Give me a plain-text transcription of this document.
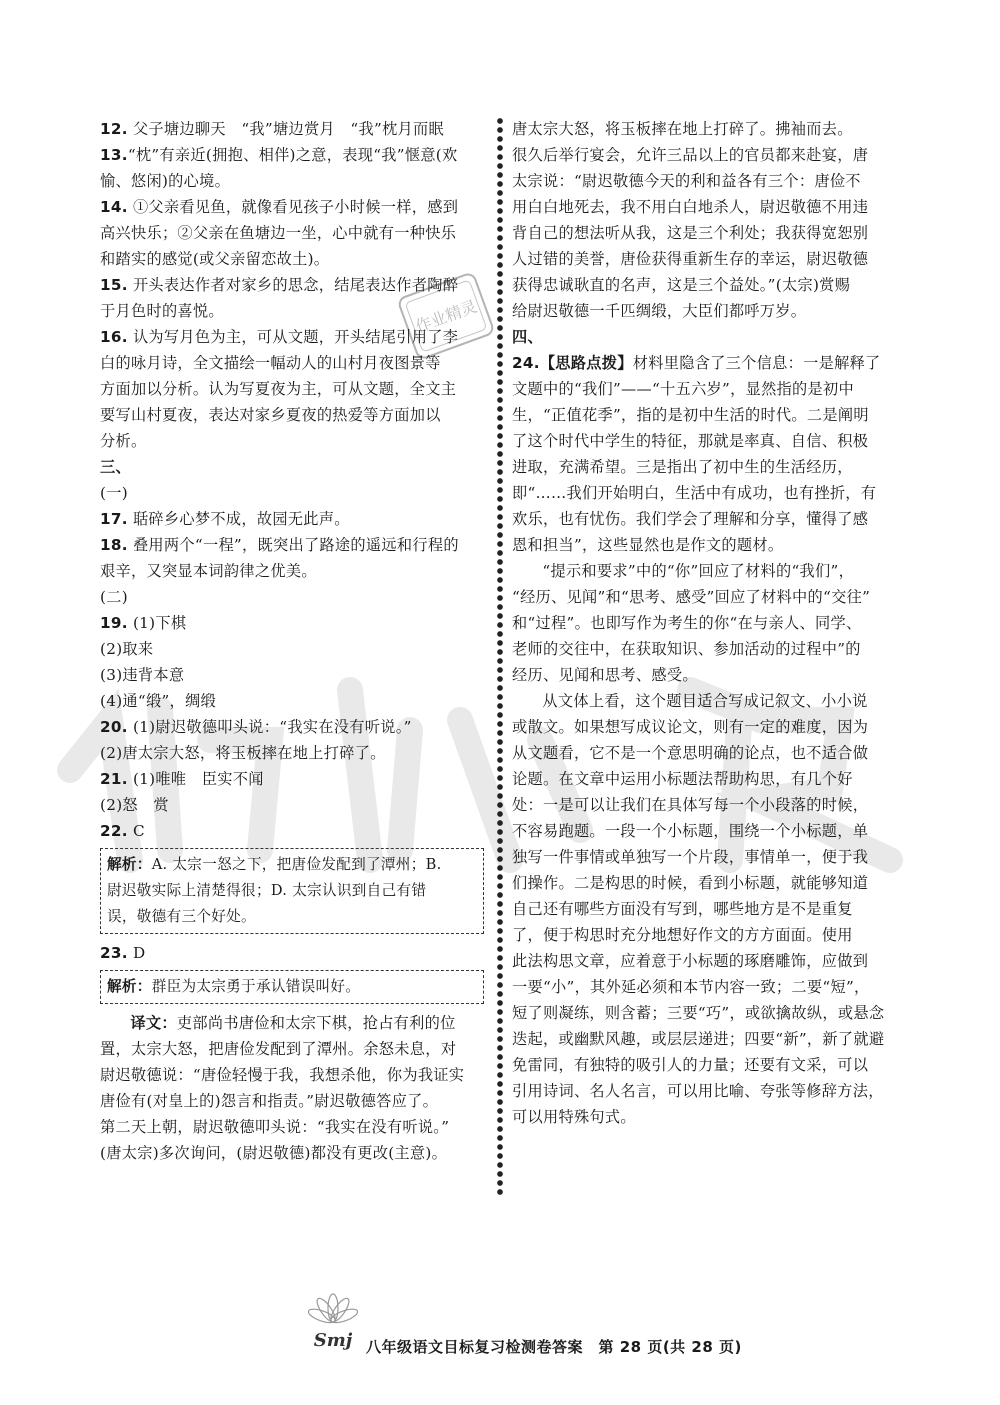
作业精灵
12. 父子塘边聊天　“我”塘边赏月　“我”枕月而眠
13.“枕”有亲近(拥抱、相伴)之意，表现“我”惬意(欢
愉、悠闲)的心境。
14. ①父亲看见鱼，就像看见孩子小时候一样，感到
高兴快乐；②父亲在鱼塘边一坐，心中就有一种快乐
和踏实的感觉(或父亲留恋故土)。
15. 开头表达作者对家乡的思念，结尾表达作者陶醉
于月色时的喜悦。
16. 认为写月色为主，可从文题，开头结尾引用了李
白的咏月诗，全文描绘一幅动人的山村月夜图景等
方面加以分析。认为写夏夜为主，可从文题，全文主
要写山村夏夜，表达对家乡夏夜的热爱等方面加以
分析。
三、
(一)
17. 聒碎乡心梦不成，故园无此声。
18. 叠用两个“一程”，既突出了路途的遥远和行程的
艰辛，又突显本词韵律之优美。
(二)
19. (1)下棋
(2)取来
(3)违背本意
(4)通“缎”，绸缎
20. (1)尉迟敬德叩头说：“我实在没有听说。”
(2)唐太宗大怒，将玉板摔在地上打碎了。
21. (1)唯唯　臣实不闻
(2)怒　赏
22. C
解析：A. 太宗一怒之下，把唐俭发配到了潭州；B.
尉迟敬实际上清楚得很；D. 太宗认识到自己有错
误，敬德有三个好处。
23. D
解析：群臣为太宗勇于承认错误叫好。
译文：吏部尚书唐俭和太宗下棋，抢占有利的位
置，太宗大怒，把唐俭发配到了潭州。余怒未息，对
尉迟敬德说：“唐俭轻慢于我，我想杀他，你为我证实
唐俭有(对皇上的)怨言和指责。”尉迟敬德答应了。
第二天上朝，尉迟敬德叩头说：“我实在没有听说。”
(唐太宗)多次询问，(尉迟敬德)都没有更改(主意)。
唐太宗大怒，将玉板摔在地上打碎了。拂袖而去。
很久后举行宴会，允许三品以上的官员都来赴宴，唐
太宗说：“尉迟敬德今天的利和益各有三个：唐俭不
用白白地死去，我不用白白地杀人，尉迟敬德不用违
背自己的想法听从我，这是三个利处；我获得宽恕别
人过错的美誉，唐俭获得重新生存的幸运，尉迟敬德
获得忠诚耿直的名声，这是三个益处。”(太宗)赏赐
给尉迟敬德一千匹绸缎，大臣们都呼万岁。
四、
24.【思路点拨】材料里隐含了三个信息：一是解释了
文题中的“我们”——“十五六岁”，显然指的是初中
生，“正值花季”，指的是初中生活的时代。二是阐明
了这个时代中学生的特征，那就是率真、自信、积极
进取，充满希望。三是指出了初中生的生活经历，
即“……我们开始明白，生活中有成功，也有挫折，有
欢乐，也有忧伤。我们学会了理解和分享，懂得了感
恩和担当”，这些显然也是作文的题材。
“提示和要求”中的“你”回应了材料的“我们”，
“经历、见闻”和“思考、感受”回应了材料中的“交往”
和“过程”。也即写作为考生的你“在与亲人、同学、
老师的交往中，在获取知识、参加活动的过程中”的
经历、见闻和思考、感受。
从文体上看，这个题目适合写成记叙文、小小说
或散文。如果想写成议论文，则有一定的难度，因为
从文题看，它不是一个意思明确的论点，也不适合做
论题。在文章中运用小标题法帮助构思，有几个好
处：一是可以让我们在具体写每一个小段落的时候，
不容易跑题。一段一个小标题，围绕一个小标题，单
独写一件事情或单独写一个片段，事情单一，便于我
们操作。二是构思的时候，看到小标题，就能够知道
自己还有哪些方面没有写到，哪些地方是不是重复
了，便于构思时充分地想好作文的方方面面。使用
此法构思文章，应着意于小标题的琢磨雕饰，应做到
一要“小”，其外延必须和本节内容一致；二要“短”，
短了则凝练，则含蓄；三要“巧”，或欲擒故纵，或悬念
迭起，或幽默风趣，或层层递进；四要“新”，新了就避
免雷同，有独特的吸引人的力量；还要有文采，可以
引用诗词、名人名言，可以用比喻、夸张等修辞方法，
可以用特殊句式。
Smj 八年级语文目标复习检测卷答案　第 28 页(共 28 页)
